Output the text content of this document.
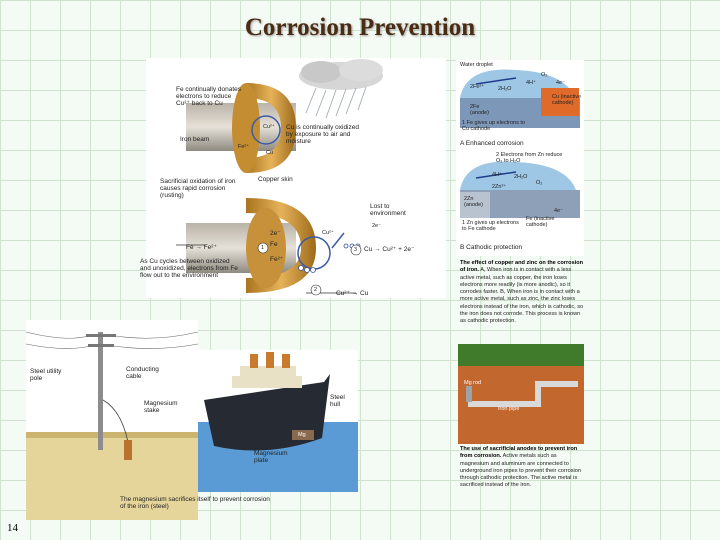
Corrosion Prevention
Fe continually donates electrons to reduce Cu²⁺ back to Cu
Iron beam
Cu²⁺
Fe²⁺
Cu
Cu is continually oxidized by exposure to air and moisture
Copper skin
Sacrificial oxidation of iron causes rapid corrosion (rusting)
Lost to environment
2e⁻
2e⁻
Fe
Fe²⁺
Cu²⁺
1
2
3
Fe → Fe²⁺	Cu → Cu²⁺ + 2e⁻
Cu²⁺ → Cu
As Cu cycles between oxidized and unoxidized, electrons from Fe flow out to the environment
Water droplet
O₂
4H⁺
2H₂O
4e⁻
2Fe²⁺
2Fe (anode)
Cu (inactive cathode)
1 Fe gives up electrons to Cu cathode
A Enhanced corrosion
2 Electrons from Zn reduce O₂ to H₂O
4H⁺ 2H₂O
2Zn²⁺
O₂
2Zn (anode)
Fe (inactive cathode)
4e⁻
1 Zn gives up electrons to Fe cathode
B Cathodic protection
The effect of copper and zinc on the corrosion of iron. A, When iron is in contact with a less active metal, such as copper, the iron loses electrons more readily (is more anodic), so it corrodes faster. B, When iron is in contact with a more active metal, such as zinc, the zinc loses electrons instead of the iron, which is cathodic, so the iron does not corrode. This process is known as cathodic protection.
Steel utility pole
Conducting cable
Magnesium stake
The magnesium sacrifices itself to prevent corrosion of the iron (steel)
Steel hull
Magnesium plate
Mg
Mg rod
Iron pipe
The use of sacrificial anodes to prevent iron from corrosion. Active metals such as magnesium and aluminum are connected to underground iron pipes to prevent their corrosion through cathodic protection. The active metal is sacrificed instead of the iron.
14
